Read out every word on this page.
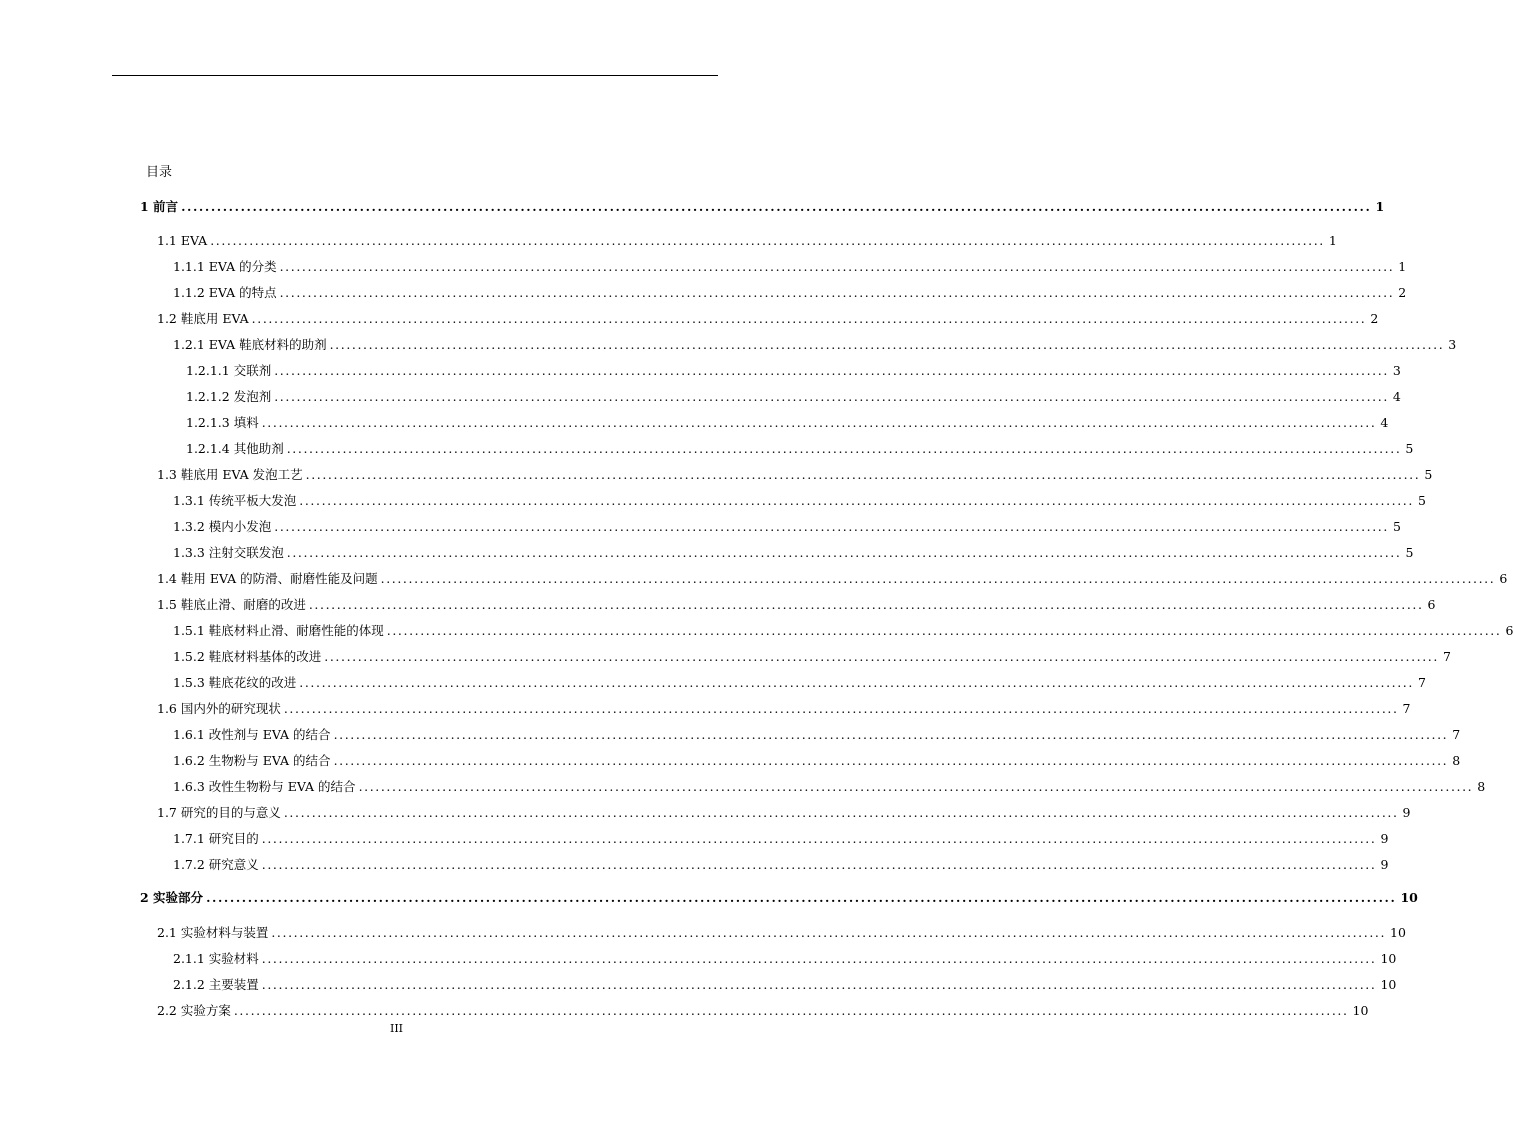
目录
1 前言 ........................................................................................................................................................................................................ 1
1.1 EVA ........................................................................................................................................................................................................ 1
1.1.1 EVA 的分类 ........................................................................................................................................................................................................ 1
1.1.2 EVA 的特点 ........................................................................................................................................................................................................ 2
1.2 鞋底用 EVA ........................................................................................................................................................................................................ 2
1.2.1 EVA 鞋底材料的助剂 ........................................................................................................................................................................................................ 3
1.2.1.1 交联剂 ........................................................................................................................................................................................................ 3
1.2.1.2 发泡剂 ........................................................................................................................................................................................................ 4
1.2.1.3 填料 ........................................................................................................................................................................................................ 4
1.2.1.4 其他助剂 ........................................................................................................................................................................................................ 5
1.3 鞋底用 EVA 发泡工艺 ........................................................................................................................................................................................................ 5
1.3.1 传统平板大发泡 ........................................................................................................................................................................................................ 5
1.3.2 模内小发泡 ........................................................................................................................................................................................................ 5
1.3.3 注射交联发泡 ........................................................................................................................................................................................................ 5
1.4 鞋用 EVA 的防滑、耐磨性能及问题 ........................................................................................................................................................................................................ 6
1.5 鞋底止滑、耐磨的改进 ........................................................................................................................................................................................................ 6
1.5.1 鞋底材料止滑、耐磨性能的体现 ........................................................................................................................................................................................................ 6
1.5.2 鞋底材料基体的改进 ........................................................................................................................................................................................................ 7
1.5.3 鞋底花纹的改进 ........................................................................................................................................................................................................ 7
1.6 国内外的研究现状 ........................................................................................................................................................................................................ 7
1.6.1 改性剂与 EVA 的结合 ........................................................................................................................................................................................................ 7
1.6.2 生物粉与 EVA 的结合 ........................................................................................................................................................................................................ 8
1.6.3 改性生物粉与 EVA 的结合 ........................................................................................................................................................................................................ 8
1.7 研究的目的与意义 ........................................................................................................................................................................................................ 9
1.7.1 研究目的 ........................................................................................................................................................................................................ 9
1.7.2 研究意义 ........................................................................................................................................................................................................ 9
2 实验部分 ........................................................................................................................................................................................................ 10
2.1 实验材料与装置 ........................................................................................................................................................................................................ 10
2.1.1 实验材料 ........................................................................................................................................................................................................ 10
2.1.2 主要装置 ........................................................................................................................................................................................................ 10
2.2 实验方案 ........................................................................................................................................................................................................ 10
III
